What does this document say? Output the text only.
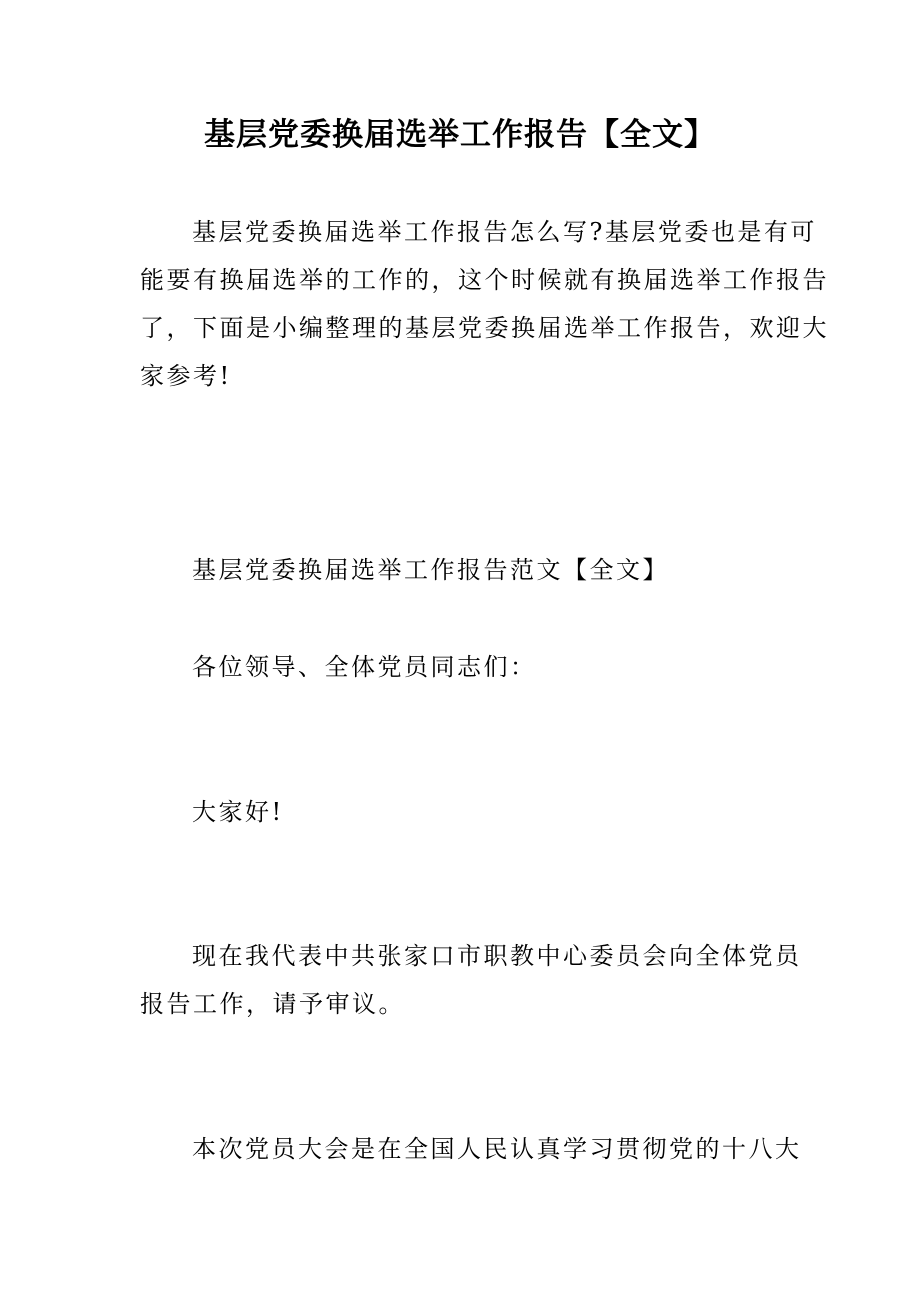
基层党委换届选举工作报告【全文】
基层党委换届选举工作报告怎么写?基层党委也是有可
能要有换届选举的工作的，这个时候就有换届选举工作报告
了，下面是小编整理的基层党委换届选举工作报告，欢迎大
家参考!
基层党委换届选举工作报告范文【全文】
各位领导、全体党员同志们：
大家好!
现在我代表中共张家口市职教中心委员会向全体党员
报告工作，请予审议。
本次党员大会是在全国人民认真学习贯彻党的十八大
